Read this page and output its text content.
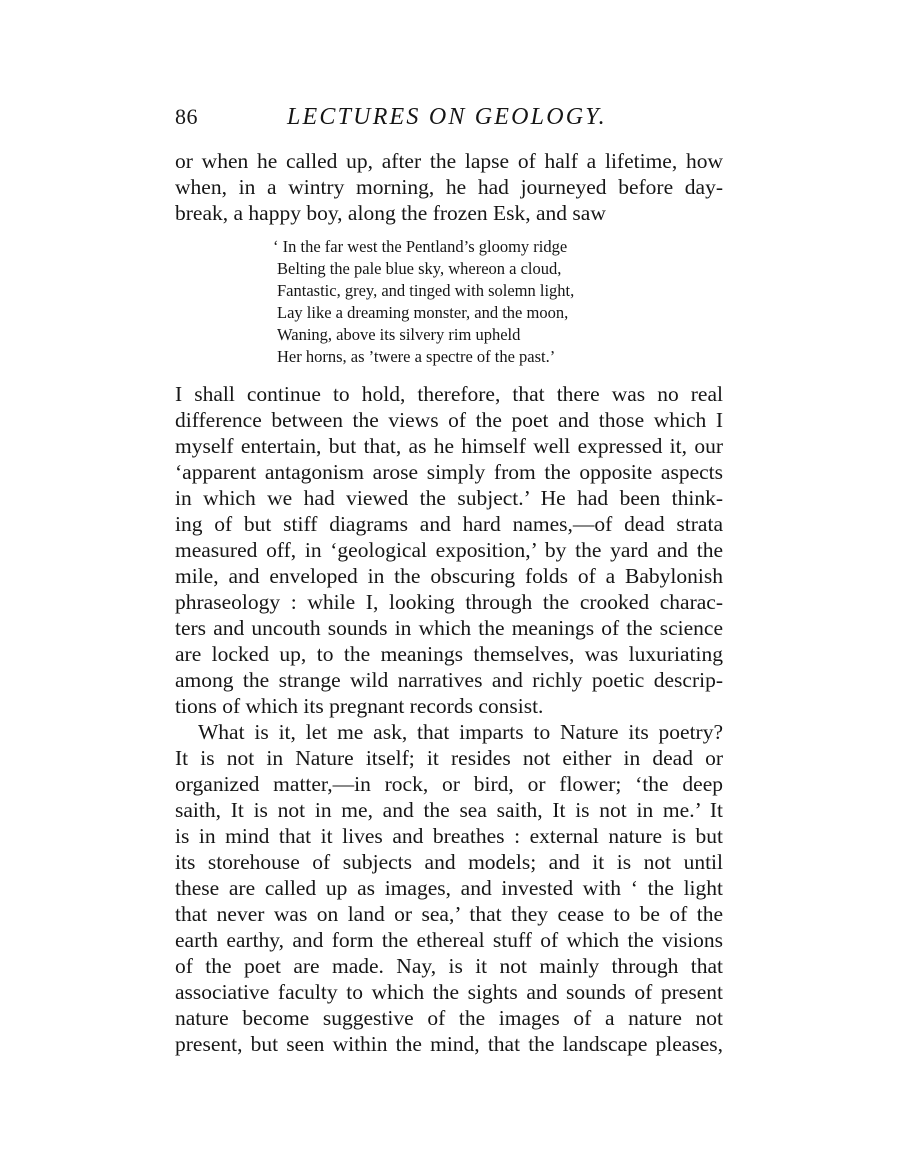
86	LECTURES ON GEOLOGY.
or when he called up, after the lapse of half a lifetime, how
when, in a wintry morning, he had journeyed before day-
break, a happy boy, along the frozen Esk, and saw
‘ In the far west the Pentland’s gloomy ridge
Belting the pale blue sky, whereon a cloud,
Fantastic, grey, and tinged with solemn light,
Lay like a dreaming monster, and the moon,
Waning, above its silvery rim upheld
Her horns, as ’twere a spectre of the past.’
I shall continue to hold, therefore, that there was no real
difference between the views of the poet and those which I
myself entertain, but that, as he himself well expressed it, our
‘apparent antagonism arose simply from the opposite aspects
in which we had viewed the subject.’ He had been think-
ing of but stiff diagrams and hard names,—of dead strata
measured off, in ‘geological exposition,’ by the yard and the
mile, and enveloped in the obscuring folds of a Babylonish
phraseology : while I, looking through the crooked charac-
ters and uncouth sounds in which the meanings of the science
are locked up, to the meanings themselves, was luxuriating
among the strange wild narratives and richly poetic descrip-
tions of which its pregnant records consist.
What is it, let me ask, that imparts to Nature its poetry?
It is not in Nature itself; it resides not either in dead or
organized matter,—in rock, or bird, or flower; ‘the deep
saith, It is not in me, and the sea saith, It is not in me.’ It
is in mind that it lives and breathes : external nature is but
its storehouse of subjects and models; and it is not until
these are called up as images, and invested with ‘ the light
that never was on land or sea,’ that they cease to be of the
earth earthy, and form the ethereal stuff of which the visions
of the poet are made. Nay, is it not mainly through that
associative faculty to which the sights and sounds of present
nature become suggestive of the images of a nature not
present, but seen within the mind, that the landscape pleases,
